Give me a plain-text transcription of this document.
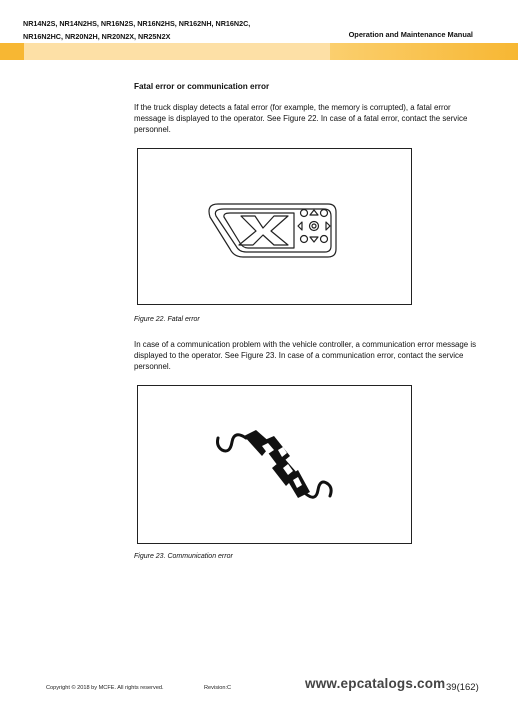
NR14N2S, NR14N2HS, NR16N2S, NR16N2HS, NR162NH, NR16N2C,
NR16N2HC, NR20N2H, NR20N2X, NR25N2X	Operation and Maintenance Manual
Fatal error or communication error
If the truck display detects a fatal error (for example, the memory is corrupted), a fatal error message is displayed to the operator. See Figure 22. In case of a fatal error, contact the service personnel.
Figure 22. Fatal error
In case of a communication problem with the vehicle controller, a communication error message is displayed to the operator. See Figure 23. In case of a communication error, contact the service personnel.
Figure 23. Communication error
Copyright © 2018 by MCFE. All rights reserved.	Revision:C	www.epcatalogs.com 39(162)
